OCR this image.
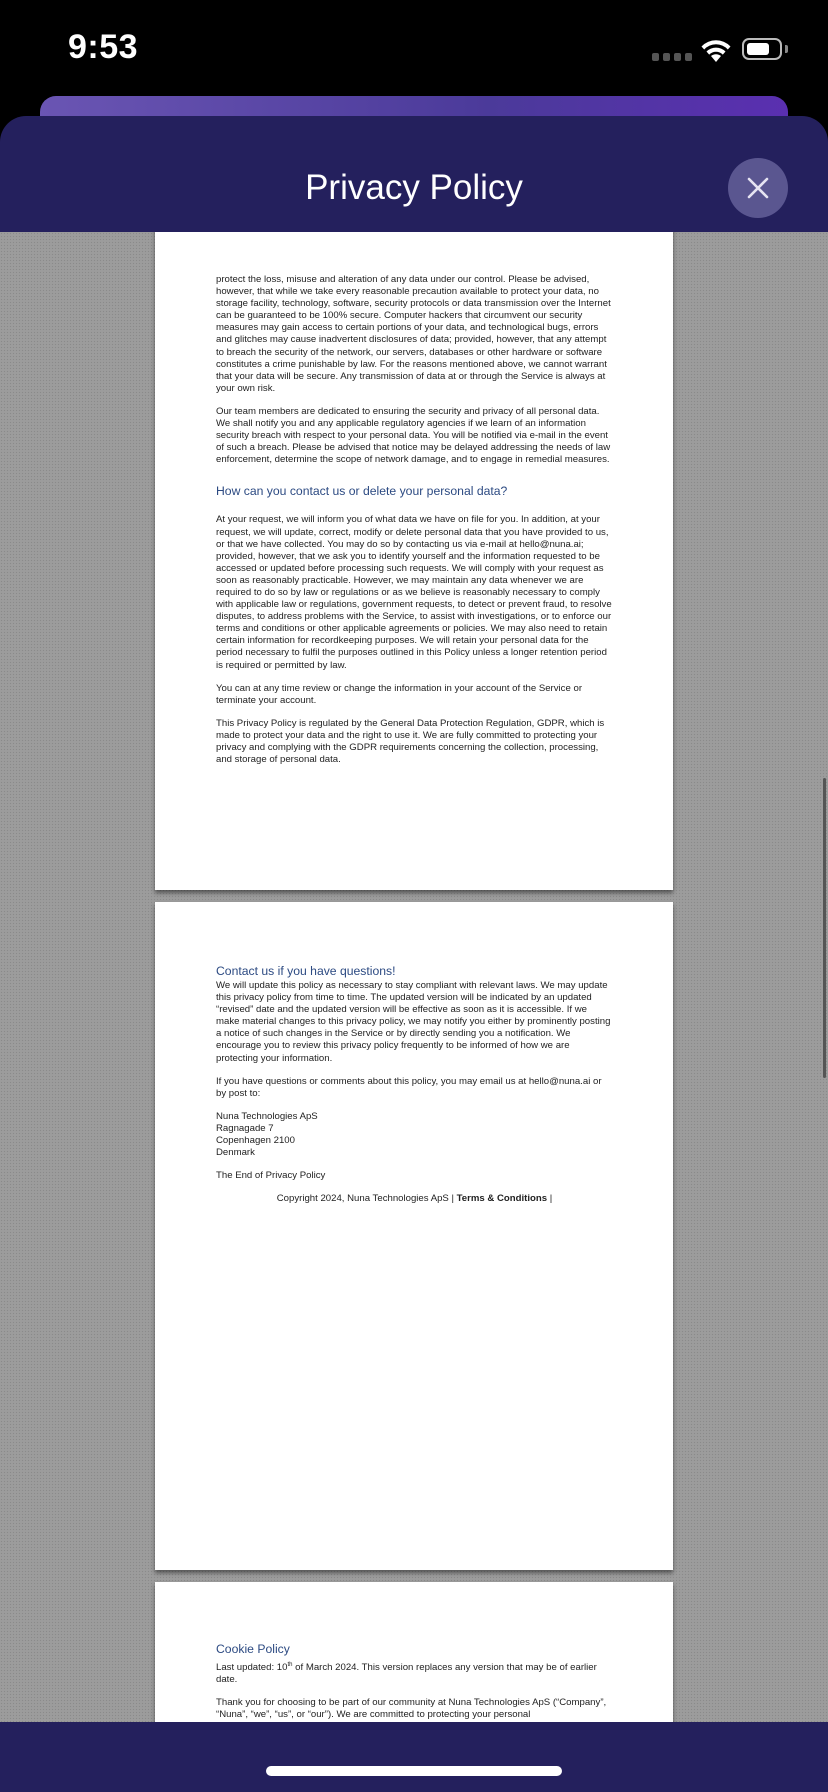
9:53
Privacy Policy

protect the loss, misuse and alteration of any data under our control. Please be advised, however, that while we take every reasonable precaution available to protect your data, no storage facility, technology, software, security protocols or data transmission over the Internet can be guaranteed to be 100% secure. Computer hackers that circumvent our security measures may gain access to certain portions of your data, and technological bugs, errors and glitches may cause inadvertent disclosures of data; provided, however, that any attempt to breach the security of the network, our servers, databases or other hardware or software constitutes a crime punishable by law. For the reasons mentioned above, we cannot warrant that your data will be secure. Any transmission of data at or through the Service is always at your own risk.

Our team members are dedicated to ensuring the security and privacy of all personal data. We shall notify you and any applicable regulatory agencies if we learn of an information security breach with respect to your personal data. You will be notified via e-mail in the event of such a breach. Please be advised that notice may be delayed addressing the needs of law enforcement, determine the scope of network damage, and to engage in remedial measures.

How can you contact us or delete your personal data?

At your request, we will inform you of what data we have on file for you. In addition, at your request, we will update, correct, modify or delete personal data that you have provided to us, or that we have collected. You may do so by contacting us via e-mail at hello@nuna.ai; provided, however, that we ask you to identify yourself and the information requested to be accessed or updated before processing such requests. We will comply with your request as soon as reasonably practicable. However, we may maintain any data whenever we are required to do so by law or regulations or as we believe is reasonably necessary to comply with applicable law or regulations, government requests, to detect or prevent fraud, to resolve disputes, to address problems with the Service, to assist with investigations, or to enforce our terms and conditions or other applicable agreements or policies. We may also need to retain certain information for recordkeeping purposes. We will retain your personal data for the period necessary to fulfil the purposes outlined in this Policy unless a longer retention period is required or permitted by law.

You can at any time review or change the information in your account of the Service or terminate your account.

This Privacy Policy is regulated by the General Data Protection Regulation, GDPR, which is made to protect your data and the right to use it. We are fully committed to protecting your privacy and complying with the GDPR requirements concerning the collection, processing, and storage of personal data.

Contact us if you have questions!

We will update this policy as necessary to stay compliant with relevant laws. We may update this privacy policy from time to time. The updated version will be indicated by an updated “revised” date and the updated version will be effective as soon as it is accessible. If we make material changes to this privacy policy, we may notify you either by prominently posting a notice of such changes in the Service or by directly sending you a notification. We encourage you to review this privacy policy frequently to be informed of how we are protecting your information.

If you have questions or comments about this policy, you may email us at hello@nuna.ai or by post to:

Nuna Technologies ApS
Ragnagade 7
Copenhagen 2100
Denmark

The End of Privacy Policy

Copyright 2024, Nuna Technologies ApS | Terms & Conditions |

Cookie Policy

Last updated: 10th of March 2024. This version replaces any version that may be of earlier date.

Thank you for choosing to be part of our community at Nuna Technologies ApS (“Company”, “Nuna”, “we”, “us”, or “our”). We are committed to protecting your personal
